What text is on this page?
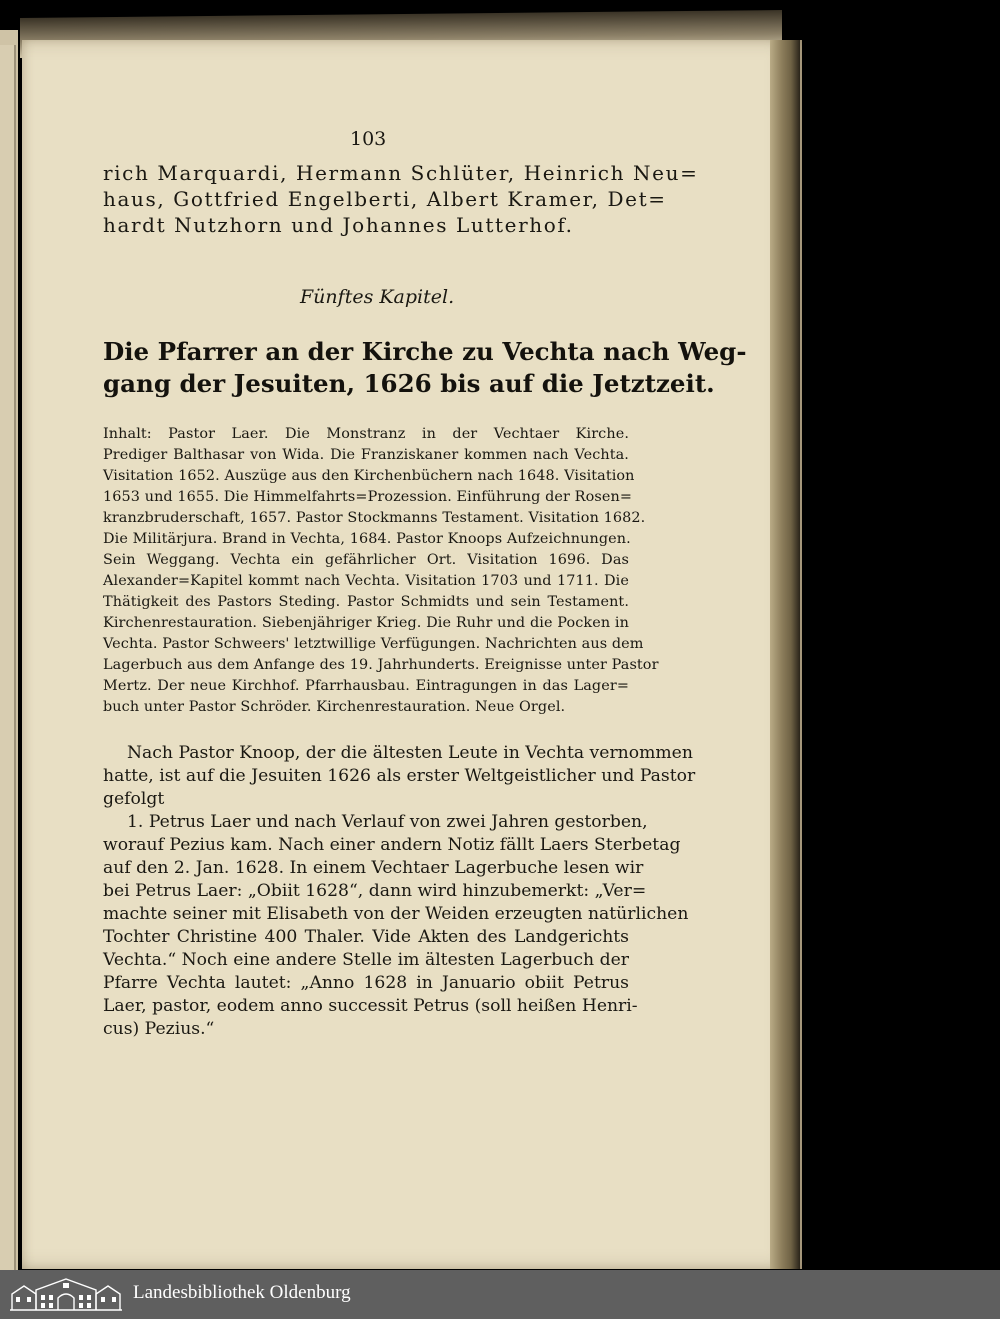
103
rich Marquardi, Hermann Schlüter, Heinrich Neu=
haus, Gottfried Engelberti, Albert Kramer, Det=
hardt Nutzhorn und Johannes Lutterhof.
Fünftes Kapitel.
Die Pfarrer an der Kirche zu Vechta nach Weg-
gang der Jesuiten, 1626 bis auf die Jetztzeit.
Inhalt: Pastor Laer. Die Monstranz in der Vechtaer Kirche.
Prediger Balthasar von Wida. Die Franziskaner kommen nach Vechta.
Visitation 1652. Auszüge aus den Kirchenbüchern nach 1648. Visitation
1653 und 1655. Die Himmelfahrts=Prozession. Einführung der Rosen=
kranzbruderschaft, 1657. Pastor Stockmanns Testament. Visitation 1682.
Die Militärjura. Brand in Vechta, 1684. Pastor Knoops Aufzeichnungen.
Sein Weggang. Vechta ein gefährlicher Ort. Visitation 1696. Das
Alexander=Kapitel kommt nach Vechta. Visitation 1703 und 1711. Die
Thätigkeit des Pastors Steding. Pastor Schmidts und sein Testament.
Kirchenrestauration. Siebenjähriger Krieg. Die Ruhr und die Pocken in
Vechta. Pastor Schweers' letztwillige Verfügungen. Nachrichten aus dem
Lagerbuch aus dem Anfange des 19. Jahrhunderts. Ereignisse unter Pastor
Mertz. Der neue Kirchhof. Pfarrhausbau. Eintragungen in das Lager=
buch unter Pastor Schröder. Kirchenrestauration. Neue Orgel.
Nach Pastor Knoop, der die ältesten Leute in Vechta vernommen
hatte, ist auf die Jesuiten 1626 als erster Weltgeistlicher und Pastor
gefolgt
1. Petrus Laer und nach Verlauf von zwei Jahren gestorben,
worauf Pezius kam. Nach einer andern Notiz fällt Laers Sterbetag
auf den 2. Jan. 1628. In einem Vechtaer Lagerbuche lesen wir
bei Petrus Laer: „Obiit 1628“, dann wird hinzubemerkt: „Ver=
machte seiner mit Elisabeth von der Weiden erzeugten natürlichen
Tochter Christine 400 Thaler. Vide Akten des Landgerichts
Vechta.“ Noch eine andere Stelle im ältesten Lagerbuch der
Pfarre Vechta lautet: „Anno 1628 in Januario obiit Petrus
Laer, pastor, eodem anno successit Petrus (soll heißen Henri-
cus) Pezius.“
Landesbibliothek Oldenburg
